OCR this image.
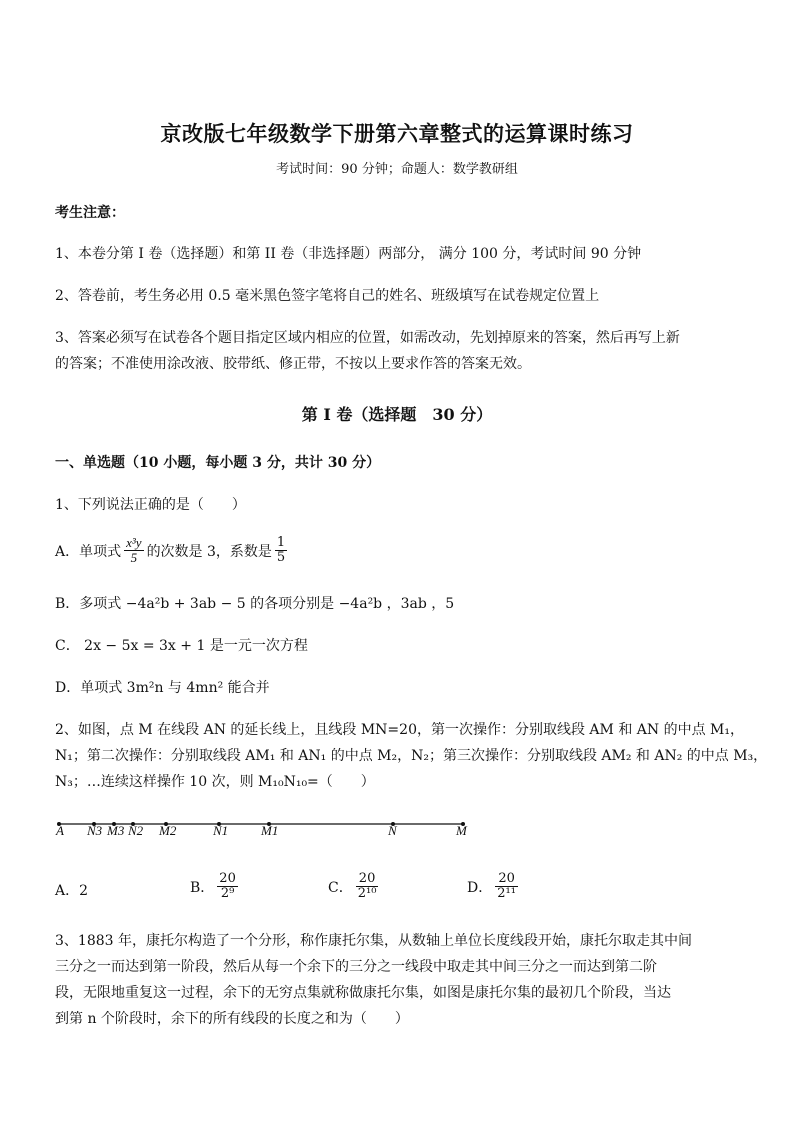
京改版七年级数学下册第六章整式的运算课时练习
考试时间：90 分钟；命题人：数学教研组
考生注意：
1、本卷分第 I 卷（选择题）和第 II 卷（非选择题）两部分， 满分 100 分，考试时间 90 分钟
2、答卷前，考生务必用 0.5 毫米黑色签字笔将自己的姓名、班级填写在试卷规定位置上
3、答案必须写在试卷各个题目指定区域内相应的位置，如需改动，先划掉原来的答案，然后再写上新
的答案；不准使用涂改液、胶带纸、修正带，不按以上要求作答的答案无效。
第 I 卷（选择题　30 分）
一、单选题（10 小题，每小题 3 分，共计 30 分）
1、下列说法正确的是（　　）
A．单项式 $\frac{\text{x³y}}{5}$ 的次数是 3，系数是 $\frac{1}{5}$
B．多项式 −4a²b + 3ab − 5 的各项分别是 −4a²b ，3ab ，5
C． 2x − 5x = 3x + 1 是一元一次方程
D．单项式 3m²n 与 4mn² 能合并
2、如图，点 M 在线段 AN 的延长线上，且线段 MN=20，第一次操作：分别取线段 AM 和 AN 的中点 M₁，
N₁；第二次操作：分别取线段 AM₁ 和 AN₁ 的中点 M₂，N₂；第三次操作：分别取线段 AM₂ 和 AN₂ 的中点 M₃，
N₃；…连续这样操作 10 次，则 M₁₀N₁₀=（　　）
A N3 M3 N2 M2	N1	M1	N	M
A．2	B． $\frac{20}{\text{2⁹}}$	C． $\frac{20}{\text{2¹⁰}}$	D． $\frac{20}{\text{2¹¹}}$
3、1883 年，康托尔构造了一个分形，称作康托尔集，从数轴上单位长度线段开始，康托尔取走其中间
三分之一而达到第一阶段，然后从每一个余下的三分之一线段中取走其中间三分之一而达到第二阶
段，无限地重复这一过程，余下的无穷点集就称做康托尔集，如图是康托尔集的最初几个阶段，当达
到第 n 个阶段时，余下的所有线段的长度之和为（　　）
